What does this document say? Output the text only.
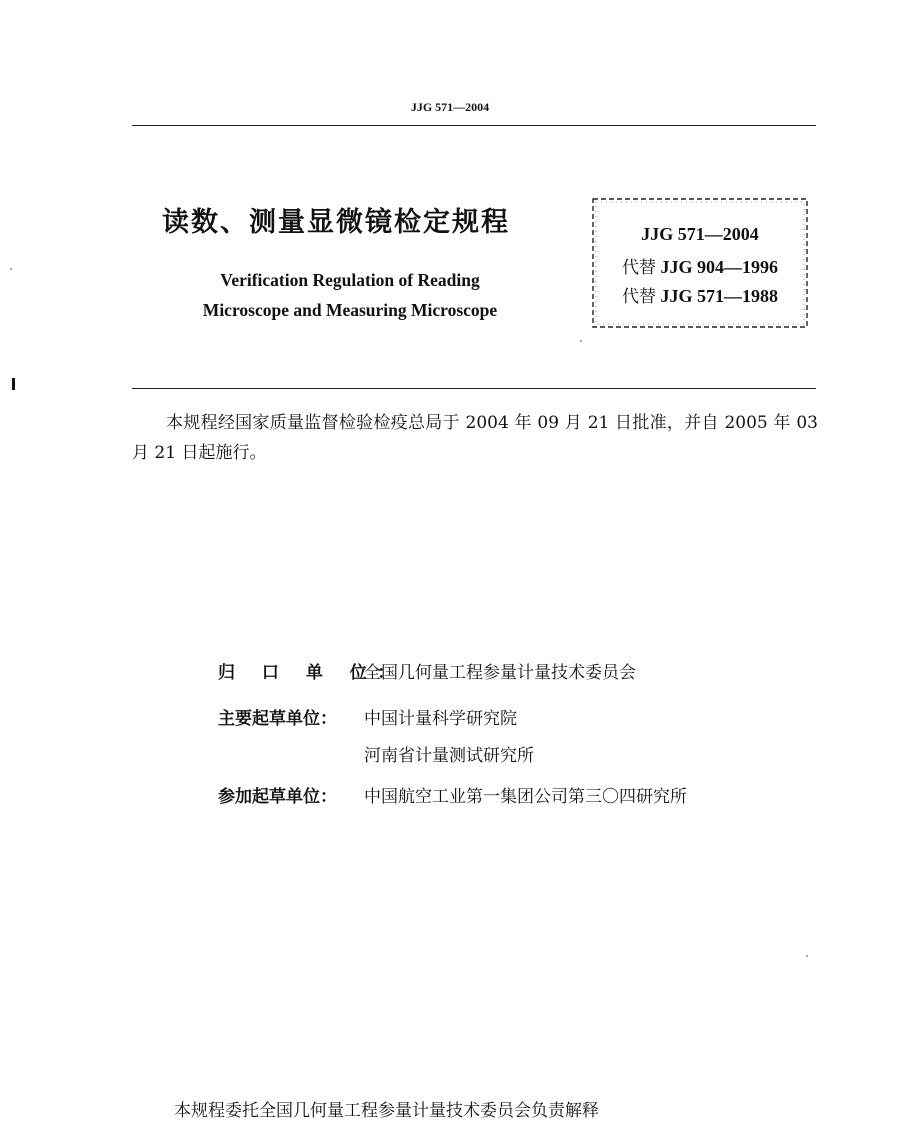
JJG 571—2004
读数、测量显微镜检定规程
Verification Regulation of Reading
Microscope and Measuring Microscope
JJG 571—2004
代替 JJG 904—1996
代替 JJG 571—1988
本规程经国家质量监督检验检疫总局于 2004 年 09 月 21 日批准，并自 2005 年 03 月 21 日起施行。
归 口 单 位：全国几何量工程参量计量技术委员会
主要起草单位： 中国计量科学研究院
河南省计量测试研究所
参加起草单位： 中国航空工业第一集团公司第三〇四研究所
本规程委托全国几何量工程参量计量技术委员会负责解释
